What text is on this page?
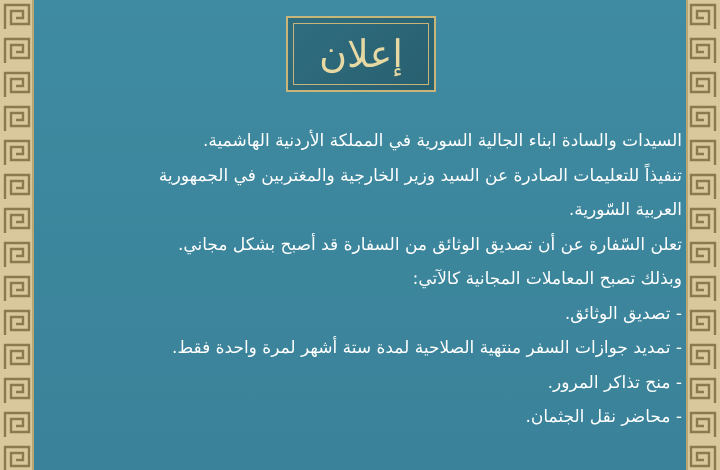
إعلان

السيدات والسادة ابناء الجالية السورية في المملكة الأردنية الهاشمية.

تنفيذاً للتعليمات الصادرة عن السيد وزير الخارجية والمغتربين في الجمهورية

العربية السّورية.

تعلن السّفارة عن أن تصديق الوثائق من السفارة قد أصبح بشكل مجاني.

وبذلك تصبح المعاملات المجانية كالآتي:

- تصديق الوثائق.

- تمديد جوازات السفر منتهية الصلاحية لمدة ستة أشهر لمرة واحدة فقط.

- منح تذاكر المرور.

- محاضر نقل الجثمان.
